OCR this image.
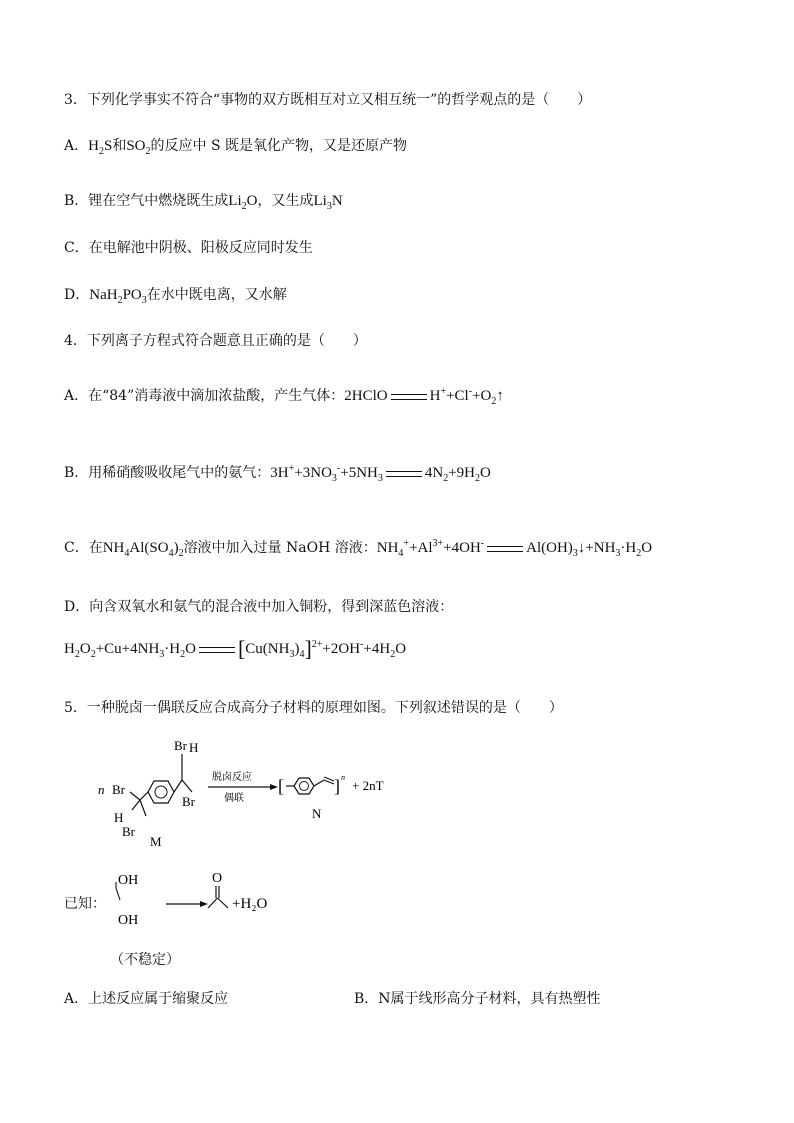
3．下列化学事实不符合“事物的双方既相互对立又相互统一”的哲学观点的是（　　）
A．$H_2S$和$SO_2$的反应中 S 既是氧化产物，又是还原产物
B．锂在空气中燃烧既生成$Li_2O$，又生成$Li_3N$
C．在电解池中阴极、阳极反应同时发生
D．$NaH_2PO_3$在水中既电离，又水解
4．下列离子方程式符合题意且正确的是（　　）
A．在“84”消毒液中滴加浓盐酸，产生气体：2HClO	$H^++Cl^-+O_2↑$
B．用稀硝酸吸收尾气中的氨气：$3H^++3NO_3^-+5NH_3$	$4N_2+9H_2O$
C．在$NH_4Al(SO_4)_2$溶液中加入过量 NaOH 溶液：$NH_4^++Al^{3+}+4OH^-$	$Al(OH)_3↓+NH_3\cdot H_2O$
D．向含双氧水和氨气的混合液中加入铜粉，得到深蓝色溶液：
$H_2O_2+Cu+4NH_3\cdot H_2O$ $[Cu(NH_3)_4]^{2+}+2OH^-+4H_2O$
5．一种脱卤一偶联反应合成高分子材料的原理如图。下列叙述错误的是（　　）
n Br
H
Br
Br H
Br
M
脱卤反应
偶联
[	] n
+ 2nT
N
已知：
OH
OH
O
+H₂O
（不稳定）
A．上述反应属于缩聚反应	B．N属于线形高分子材料，具有热塑性
